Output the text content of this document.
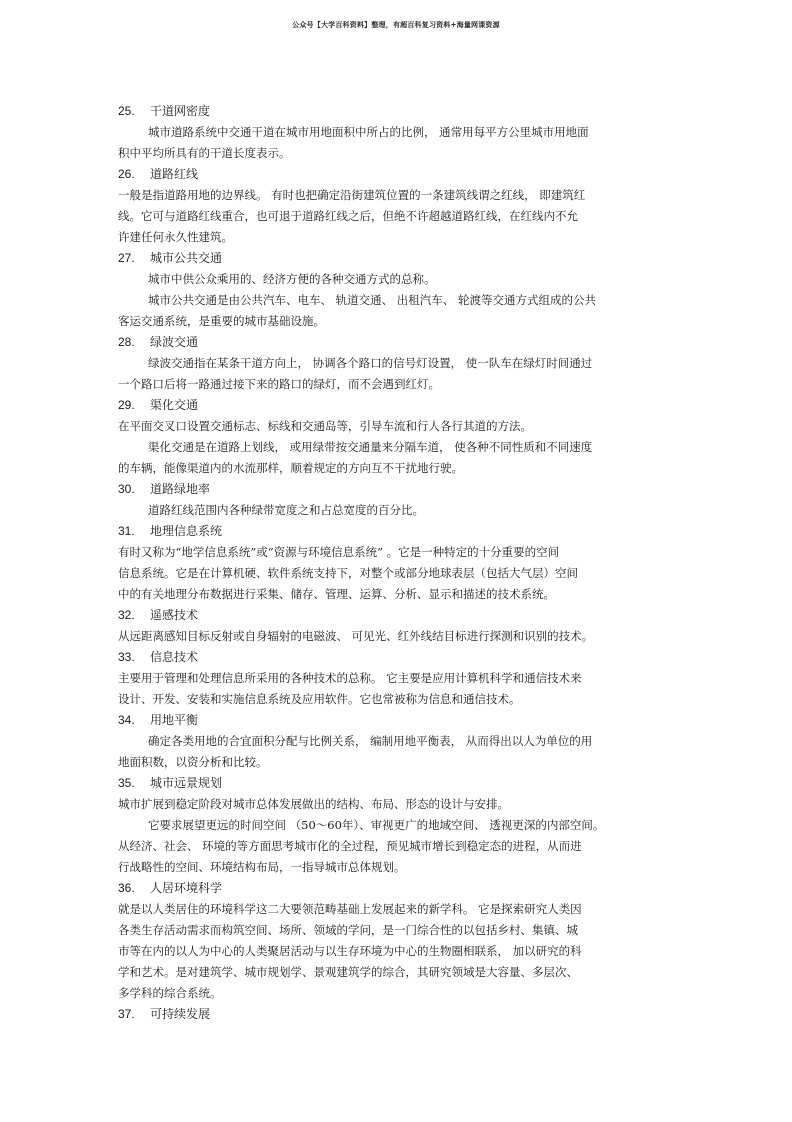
公众号【大学百科资料】整理，有超百科复习资料+海量网课资源
25. 干道网密度
城市道路系统中交通干道在城市用地面积中所占的比例， 通常用每平方公里城市用地面
积中平均所具有的干道长度表示。
26. 道路红线
一般是指道路用地的边界线。 有时也把确定沿街建筑位置的一条建筑线谓之红线， 即建筑红
线。它可与道路红线重合，也可退于道路红线之后，但绝不许超越道路红线，在红线内不允
许建任何永久性建筑。
27. 城市公共交通
城市中供公众乘用的、经济方便的各种交通方式的总称。
城市公共交通是由公共汽车、电车、 轨道交通、 出租汽车、 轮渡等交通方式组成的公共
客运交通系统，是重要的城市基础设施。
28. 绿波交通
绿波交通指在某条干道方向上， 协调各个路口的信号灯设置， 使一队车在绿灯时间通过
一个路口后将一路通过接下来的路口的绿灯，而不会遇到红灯。
29. 渠化交通
在平面交叉口设置交通标志、标线和交通岛等，引导车流和行人各行其道的方法。
渠化交通是在道路上划线， 或用绿带按交通量来分隔车道， 使各种不同性质和不同速度
的车辆，能像渠道内的水流那样，顺着规定的方向互不干扰地行驶。
30. 道路绿地率
道路红线范围内各种绿带宽度之和占总宽度的百分比。
31. 地理信息系统
有时又称为“地学信息系统”或“资源与环境信息系统” 。它是一种特定的十分重要的空间
信息系统。它是在计算机硬、软件系统支持下，对整个或部分地球表层（包括大气层）空间
中的有关地理分布数据进行采集、储存、管理、运算、分析、显示和描述的技术系统。
32. 遥感技术
从远距离感知目标反射或自身辐射的电磁波、 可见光、红外线结目标进行探测和识别的技术。
33. 信息技术
主要用于管理和处理信息所采用的各种技术的总称。 它主要是应用计算机科学和通信技术来
设计、开发、安装和实施信息系统及应用软件。它也常被称为信息和通信技术。
34. 用地平衡
确定各类用地的合宜面积分配与比例关系， 编制用地平衡表， 从而得出以人为单位的用
地面积数，以资分析和比较。
35. 城市远景规划
城市扩展到稳定阶段对城市总体发展做出的结构、布局、形态的设计与安排。
它要求展望更远的时间空间 （50～60年）、审视更广的地域空间、 透视更深的内部空间。
从经济、社会、 环境的等方面思考城市化的全过程，预见城市增长到稳定态的进程，从而进
行战略性的空间、环境结构布局，一指导城市总体规划。
36. 人居环境科学
就是以人类居住的环境科学这二大要领范畴基础上发展起来的新学科。 它是探索研究人类因
各类生存活动需求而构筑空间、场所、领域的学问，是一门综合性的以包括乡村、集镇、城
市等在内的以人为中心的人类聚居活动与以生存环境为中心的生物圈相联系， 加以研究的科
学和艺术。是对建筑学、城市规划学、景观建筑学的综合，其研究领域是大容量、多层次、
多学科的综合系统。
37. 可持续发展
